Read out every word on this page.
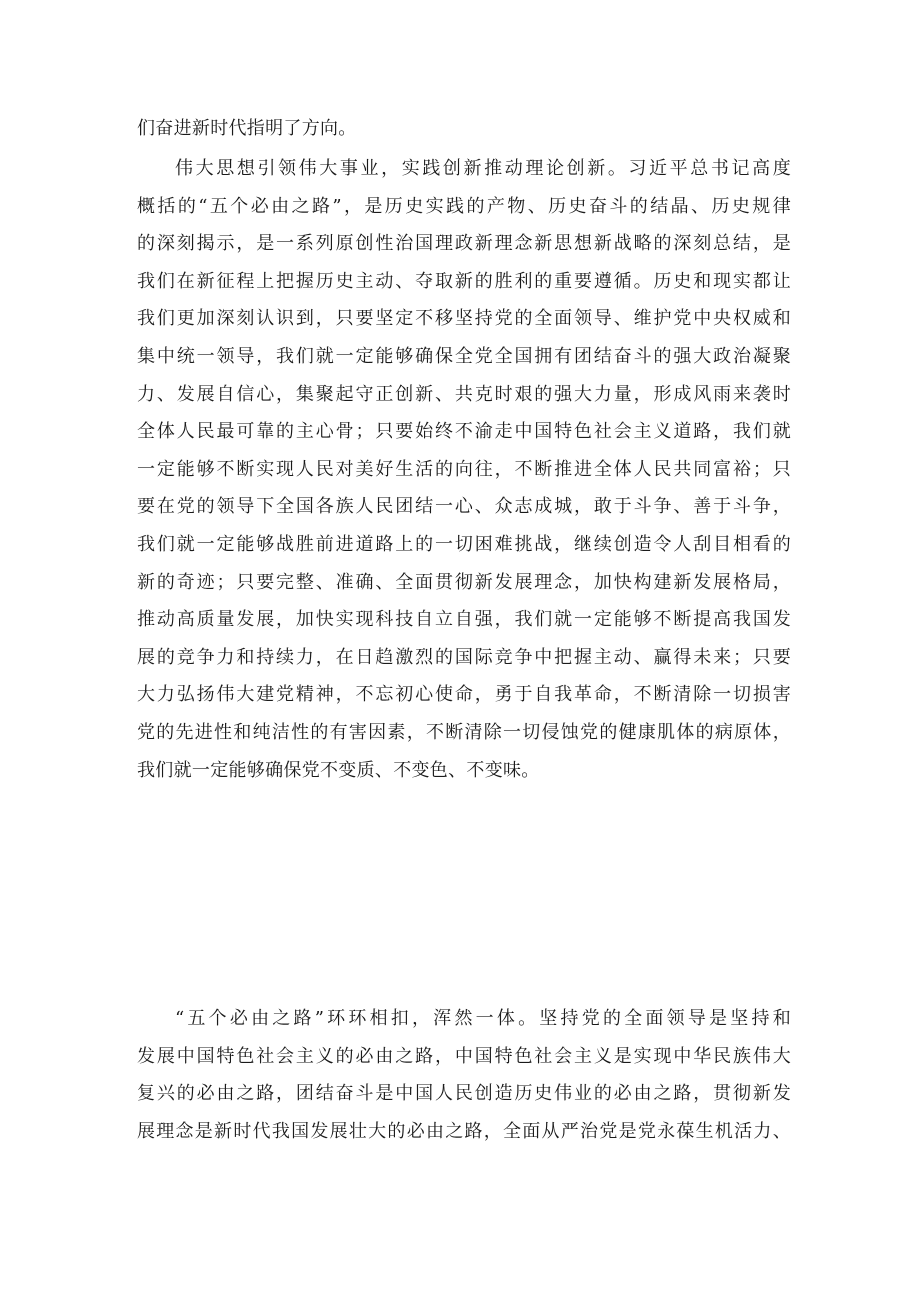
们奋进新时代指明了方向。
伟大思想引领伟大事业，实践创新推动理论创新。习近平总书记高度
概括的“五个必由之路”，是历史实践的产物、历史奋斗的结晶、历史规律
的深刻揭示，是一系列原创性治国理政新理念新思想新战略的深刻总结，是
我们在新征程上把握历史主动、夺取新的胜利的重要遵循。历史和现实都让
我们更加深刻认识到，只要坚定不移坚持党的全面领导、维护党中央权威和
集中统一领导，我们就一定能够确保全党全国拥有团结奋斗的强大政治凝聚
力、发展自信心，集聚起守正创新、共克时艰的强大力量，形成风雨来袭时
全体人民最可靠的主心骨；只要始终不渝走中国特色社会主义道路，我们就
一定能够不断实现人民对美好生活的向往，不断推进全体人民共同富裕；只
要在党的领导下全国各族人民团结一心、众志成城，敢于斗争、善于斗争，
我们就一定能够战胜前进道路上的一切困难挑战，继续创造令人刮目相看的
新的奇迹；只要完整、准确、全面贯彻新发展理念，加快构建新发展格局，
推动高质量发展，加快实现科技自立自强，我们就一定能够不断提高我国发
展的竞争力和持续力，在日趋激烈的国际竞争中把握主动、赢得未来；只要
大力弘扬伟大建党精神，不忘初心使命，勇于自我革命，不断清除一切损害
党的先进性和纯洁性的有害因素，不断清除一切侵蚀党的健康肌体的病原体，
我们就一定能够确保党不变质、不变色、不变味。
“五个必由之路”环环相扣，浑然一体。坚持党的全面领导是坚持和
发展中国特色社会主义的必由之路，中国特色社会主义是实现中华民族伟大
复兴的必由之路，团结奋斗是中国人民创造历史伟业的必由之路，贯彻新发
展理念是新时代我国发展壮大的必由之路，全面从严治党是党永葆生机活力、
